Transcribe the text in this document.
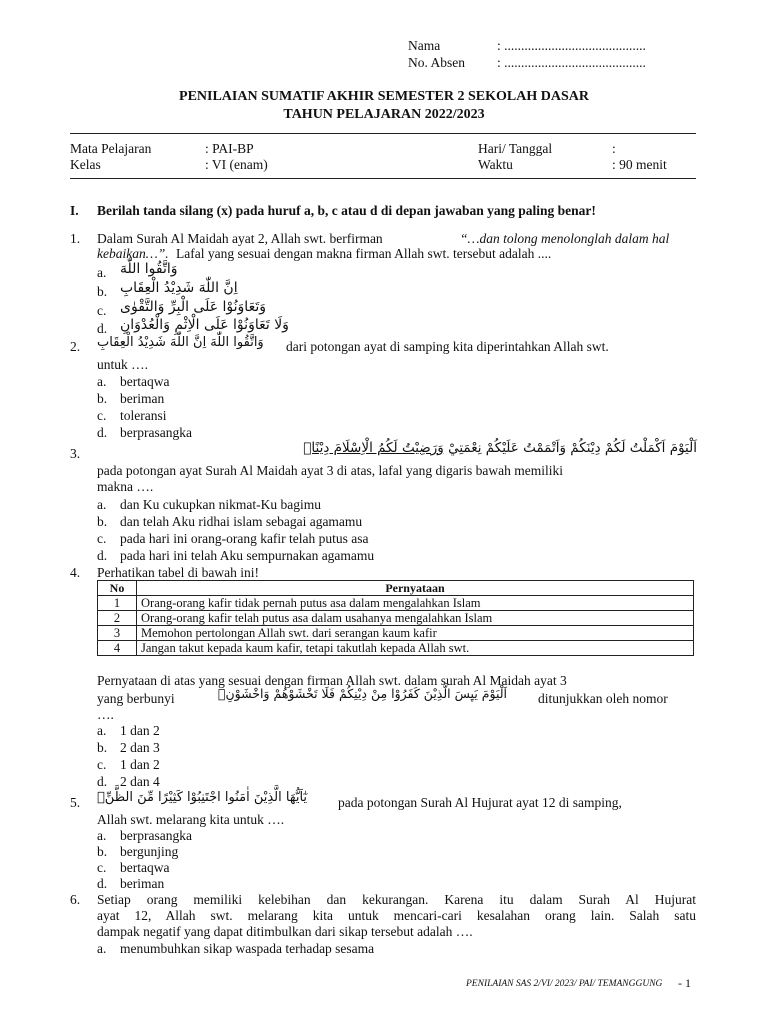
Nama	: ..........................................
No. Absen : ..........................................
PENILAIAN SUMATIF AKHIR SEMESTER 2 SEKOLAH DASAR
TAHUN PELAJARAN 2022/2023
Mata Pelajaran	: PAI-BP
Kelas	: VI (enam)
Hari/ Tanggal	:
Waktu	: 90 menit
I. Berilah tanda silang (x) pada huruf a, b, c atau d di depan jawaban yang paling benar!
1. Dalam Surah Al Maidah ayat 2, Allah swt. berfirman	“…dan tolong menolonglah dalam hal
kebaikan…”. Lafal yang sesuai dengan makna firman Allah swt. tersebut adalah ....
a. وَاتَّقُوا اللّٰهَ
b. اِنَّ اللّٰهَ شَدِيْدُ الْعِقَابِ
c. وَتَعَاوَنُوْا عَلَى الْبِرِّ وَالتَّقْوٰى
d. وَلَا تَعَاوَنُوْا عَلَى الْاِثْمِ وَالْعُدْوَانِ
2. وَاتَّقُوا اللّٰهَ اِنَّ اللّٰهَ شَدِيْدُ الْعِقَابِ dari potongan ayat di samping kita diperintahkan Allah swt.
untuk ….
a. bertaqwa
b. beriman
c. toleransi
d. berprasangka
3.	اَلْيَوْمَ اَكْمَلْتُ لَكُمْ دِيْنَكُمْ وَاَتْمَمْتُ عَلَيْكُمْ نِعْمَتِيْ وَرَضِيْتُ لَكُمُ الْاِسْلَامَ دِيْنًاۗ
pada potongan ayat Surah Al Maidah ayat 3 di atas, lafal yang digaris bawah memiliki
makna ….
a. dan Ku cukupkan nikmat-Ku bagimu
b. dan telah Aku ridhai islam sebagai agamamu
c. pada hari ini orang-orang kafir telah putus asa
d. pada hari ini telah Aku sempurnakan agamamu
4. Perhatikan tabel di bawah ini!
No	Pernyataan
1	Orang-orang kafir tidak pernah putus asa dalam mengalahkan Islam
2	Orang-orang kafir telah putus asa dalam usahanya mengalahkan Islam
3	Memohon pertolongan Allah swt. dari serangan kaum kafir
4	Jangan takut kepada kaum kafir, tetapi takutlah kepada Allah swt.
Pernyataan di atas yang sesuai dengan firman Allah swt. dalam surah Al Maidah ayat 3
yang berbunyi	اَلْيَوْمَ يَىِٕسَ الَّذِيْنَ كَفَرُوْا مِنْ دِيْنِكُمْ فَلَا تَخْشَوْهُمْ وَاخْشَوْنِۗ ditunjukkan oleh nomor
….
a. 1 dan 2
b. 2 dan 3
c. 1 dan 2
d. 2 dan 4
5. يٰٓاَيُّهَا الَّذِيْنَ اٰمَنُوا اجْتَنِبُوْا كَثِيْرًا مِّنَ الظَّنِّۖ pada potongan Surah Al Hujurat ayat 12 di samping,
Allah swt. melarang kita untuk ….
a. berprasangka
b. bergunjing
c. bertaqwa
d. beriman
6. Setiap orang memiliki kelebihan dan kekurangan. Karena itu dalam Surah Al Hujurat
ayat 12, Allah swt. melarang kita untuk mencari-cari kesalahan orang lain. Salah satu
dampak negatif yang dapat ditimbulkan dari sikap tersebut adalah ….
a. menumbuhkan sikap waspada terhadap sesama
PENILAIAN SAS 2/VI/ 2023/ PAI/ TEMANGGUNG - 1
